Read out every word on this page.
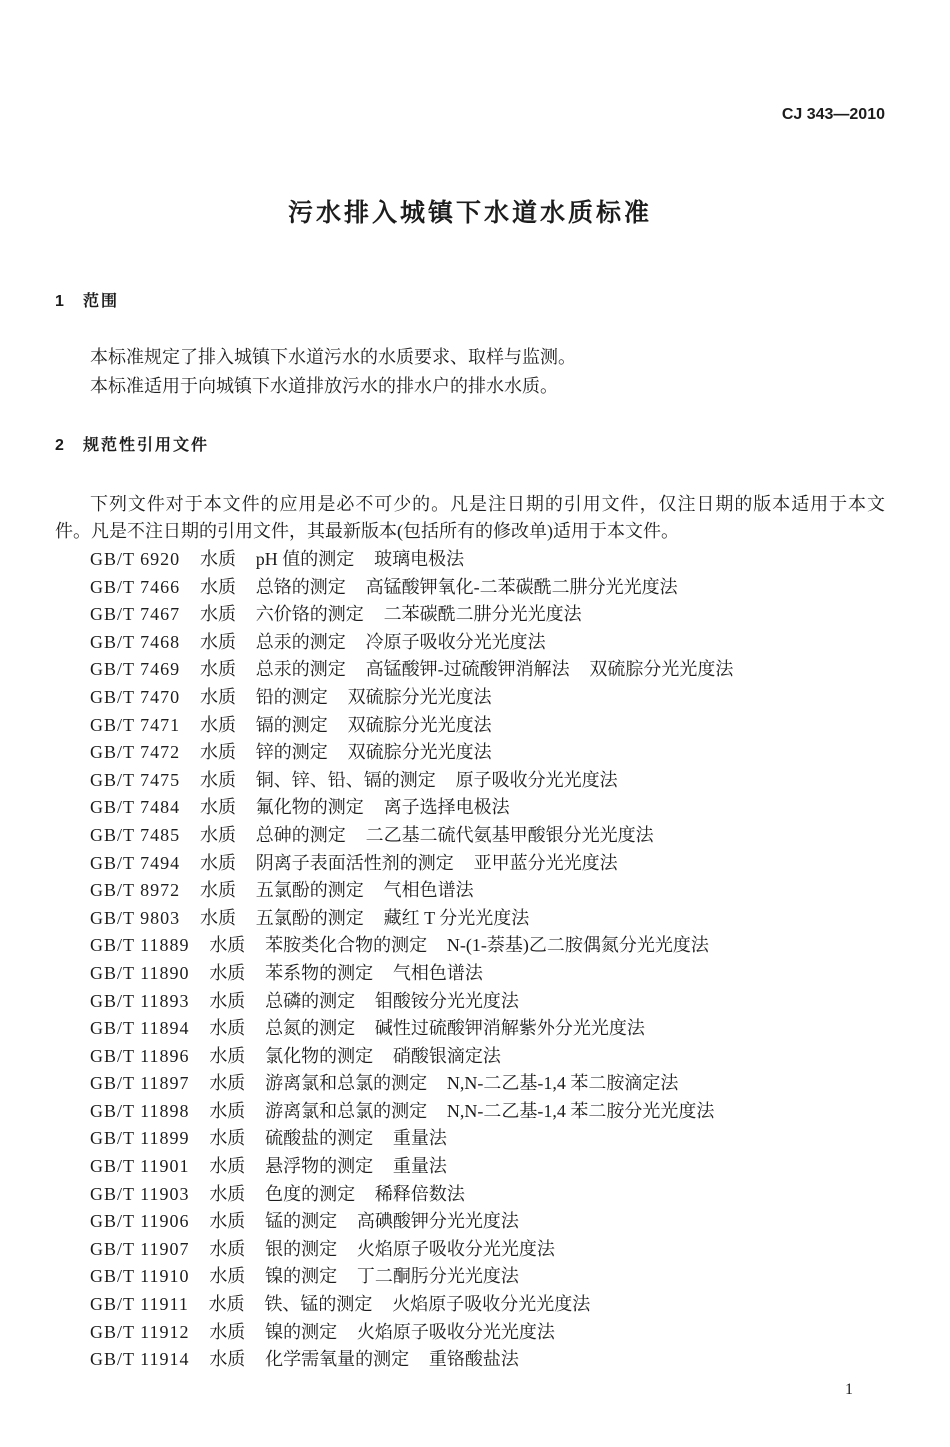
CJ 343—2010
污水排入城镇下水道水质标准
1 范围
本标准规定了排入城镇下水道污水的水质要求、取样与监测。
本标准适用于向城镇下水道排放污水的排水户的排水水质。
2 规范性引用文件
下列文件对于本文件的应用是必不可少的。凡是注日期的引用文件，仅注日期的版本适用于本文
件。凡是不注日期的引用文件，其最新版本(包括所有的修改单)适用于本文件。
GB/T 6920 水质 pH 值的测定 玻璃电极法
GB/T 7466 水质 总铬的测定 高锰酸钾氧化-二苯碳酰二肼分光光度法
GB/T 7467 水质 六价铬的测定 二苯碳酰二肼分光光度法
GB/T 7468 水质 总汞的测定 冷原子吸收分光光度法
GB/T 7469 水质 总汞的测定 高锰酸钾-过硫酸钾消解法 双硫腙分光光度法
GB/T 7470 水质 铅的测定 双硫腙分光光度法
GB/T 7471 水质 镉的测定 双硫腙分光光度法
GB/T 7472 水质 锌的测定 双硫腙分光光度法
GB/T 7475 水质 铜、锌、铅、镉的测定 原子吸收分光光度法
GB/T 7484 水质 氟化物的测定 离子选择电极法
GB/T 7485 水质 总砷的测定 二乙基二硫代氨基甲酸银分光光度法
GB/T 7494 水质 阴离子表面活性剂的测定 亚甲蓝分光光度法
GB/T 8972 水质 五氯酚的测定 气相色谱法
GB/T 9803 水质 五氯酚的测定 藏红 T 分光光度法
GB/T 11889 水质 苯胺类化合物的测定 N-(1-萘基)乙二胺偶氮分光光度法
GB/T 11890 水质 苯系物的测定 气相色谱法
GB/T 11893 水质 总磷的测定 钼酸铵分光光度法
GB/T 11894 水质 总氮的测定 碱性过硫酸钾消解紫外分光光度法
GB/T 11896 水质 氯化物的测定 硝酸银滴定法
GB/T 11897 水质 游离氯和总氯的测定 N,N-二乙基-1,4 苯二胺滴定法
GB/T 11898 水质 游离氯和总氯的测定 N,N-二乙基-1,4 苯二胺分光光度法
GB/T 11899 水质 硫酸盐的测定 重量法
GB/T 11901 水质 悬浮物的测定 重量法
GB/T 11903 水质 色度的测定 稀释倍数法
GB/T 11906 水质 锰的测定 高碘酸钾分光光度法
GB/T 11907 水质 银的测定 火焰原子吸收分光光度法
GB/T 11910 水质 镍的测定 丁二酮肟分光光度法
GB/T 11911 水质 铁、锰的测定 火焰原子吸收分光光度法
GB/T 11912 水质 镍的测定 火焰原子吸收分光光度法
GB/T 11914 水质 化学需氧量的测定 重铬酸盐法
1
